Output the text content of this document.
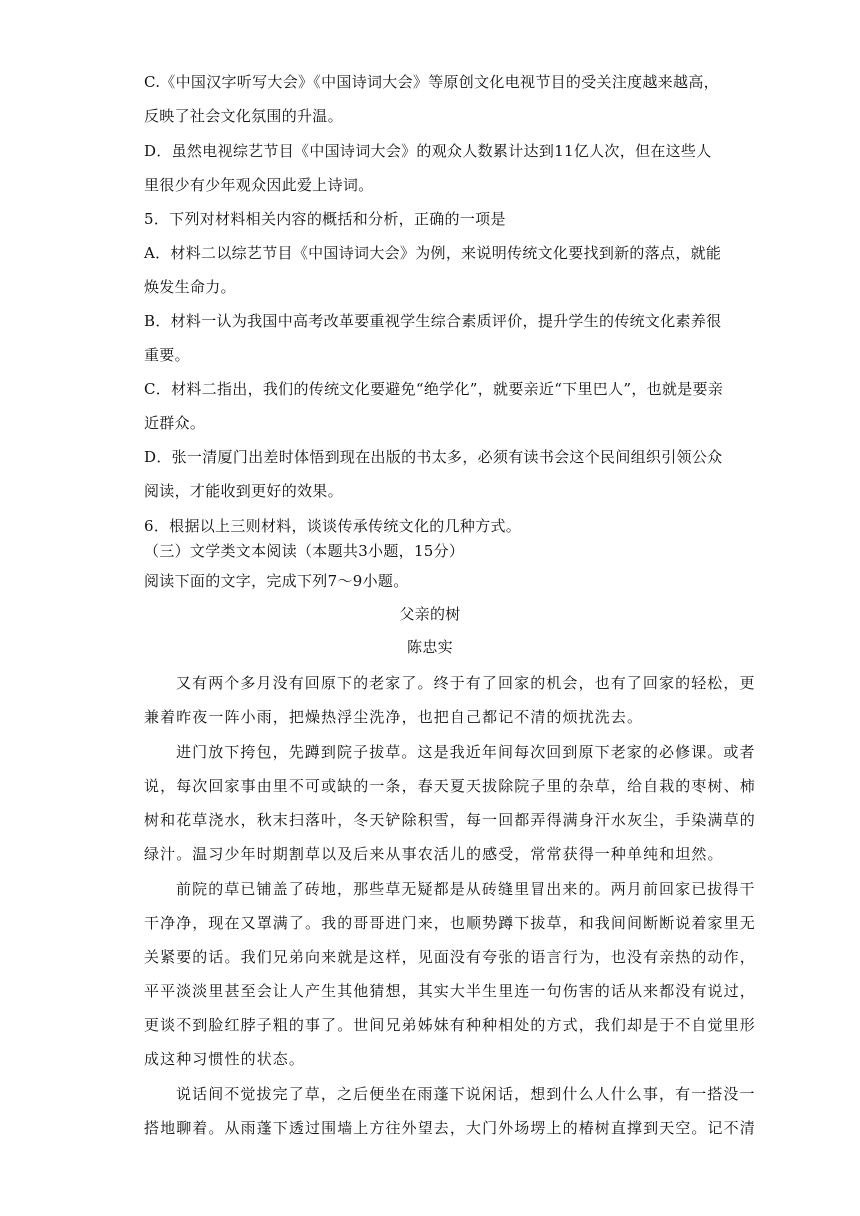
C.《中国汉字听写大会》《中国诗词大会》等原创文化电视节目的受关注度越来越高，
反映了社会文化氛围的升温。
D．虽然电视综艺节目《中国诗词大会》的观众人数累计达到11亿人次，但在这些人
里很少有少年观众因此爱上诗词。
5．下列对材料相关内容的概括和分析，正确的一项是
A．材料二以综艺节目《中国诗词大会》为例，来说明传统文化要找到新的落点，就能
焕发生命力。
B．材料一认为我国中高考改革要重视学生综合素质评价，提升学生的传统文化素养很
重要。
C．材料二指出，我们的传统文化要避免“绝学化”，就要亲近“下里巴人”，也就是要亲
近群众。
D．张一清厦门出差时体悟到现在出版的书太多，必须有读书会这个民间组织引领公众
阅读，才能收到更好的效果。
6．根据以上三则材料，谈谈传承传统文化的几种方式。
（三）文学类文本阅读（本题共3小题，15分）
阅读下面的文字，完成下列7～9小题。
父亲的树
陈忠实
又有两个多月没有回原下的老家了。终于有了回家的机会，也有了回家的轻松，更
兼着昨夜一阵小雨，把燥热浮尘洗净，也把自己都记不清的烦扰洗去。
进门放下挎包，先蹲到院子拔草。这是我近年间每次回到原下老家的必修课。或者
说，每次回家事由里不可或缺的一条，春天夏天拔除院子里的杂草，给自栽的枣树、柿
树和花草浇水，秋末扫落叶，冬天铲除积雪，每一回都弄得满身汗水灰尘，手染满草的
绿汁。温习少年时期割草以及后来从事农活儿的感受，常常获得一种单纯和坦然。
前院的草已铺盖了砖地，那些草无疑都是从砖缝里冒出来的。两月前回家已拔得干
干净净，现在又罩满了。我的哥哥进门来，也顺势蹲下拔草，和我间间断断说着家里无
关紧要的话。我们兄弟向来就是这样，见面没有夸张的语言行为，也没有亲热的动作，
平平淡淡里甚至会让人产生其他猜想，其实大半生里连一句伤害的话从来都没有说过，
更谈不到脸红脖子粗的事了。世间兄弟姊妹有种种相处的方式，我们却是于不自觉里形
成这种习惯性的状态。
说话间不觉拔完了草，之后便坐在雨蓬下说闲话，想到什么人什么事，有一搭没一
搭地聊着。从雨蓬下透过围墙上方往外望去，大门外场塄上的椿树直撑到天空。记不清
